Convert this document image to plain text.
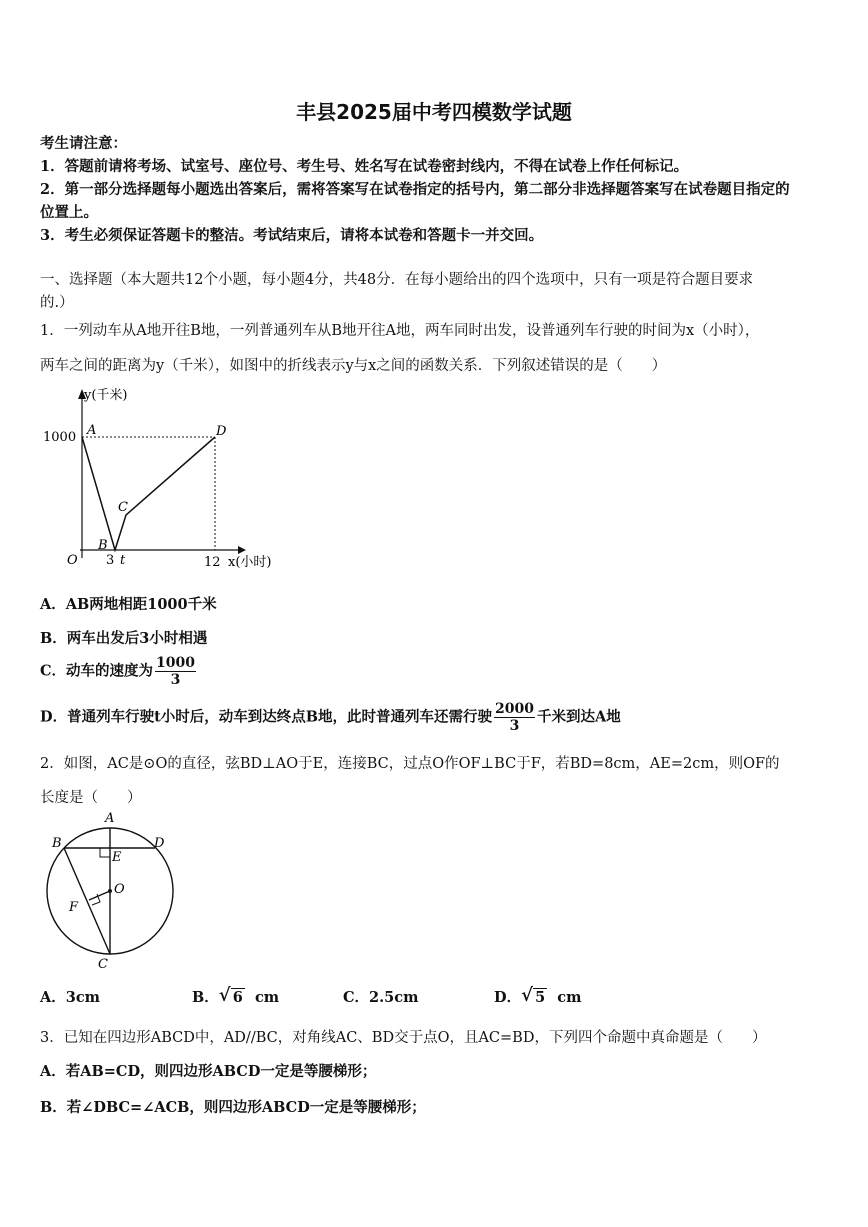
丰县2025届中考四模数学试题
考生请注意：
1．答题前请将考场、试室号、座位号、考生号、姓名写在试卷密封线内，不得在试卷上作任何标记。
2．第一部分选择题每小题选出答案后，需将答案写在试卷指定的括号内，第二部分非选择题答案写在试卷题目指定的
位置上。
3．考生必须保证答题卡的整洁。考试结束后，请将本试卷和答题卡一并交回。
一、选择题（本大题共12个小题，每小题4分，共48分．在每小题给出的四个选项中，只有一项是符合题目要求
的.）
1．一列动车从A地开往B地，一列普通列车从B地开往A地，两车同时出发，设普通列车行驶的时间为x（小时），
两车之间的距离为y（千米），如图中的折线表示y与x之间的函数关系．下列叙述错误的是（　　）
y(千米)
x(小时)
1000
O 3 t	12
A
B
C
D
A．AB两地相距1000千米
B．两车出发后3小时相遇
C．动车的速度为 $\frac{1000}{3}$
D．普通列车行驶t小时后，动车到达终点B地，此时普通列车还需行驶 $\frac{2000}{3}$ 千米到达A地
2．如图，AC是⊙O的直径，弦BD⊥AO于E，连接BC，过点O作OF⊥BC于F，若BD=8cm，AE=2cm，则OF的
长度是（　　）
A
B	D
E
O
F
C
A．3cm	B． √ 6 cm	C．2.5cm	D． √ 5 cm
3．已知在四边形ABCD中，AD//BC，对角线AC、BD交于点O，且AC=BD，下列四个命题中真命题是（　　）
A．若AB=CD，则四边形ABCD一定是等腰梯形；
B．若∠DBC=∠ACB，则四边形ABCD一定是等腰梯形；
